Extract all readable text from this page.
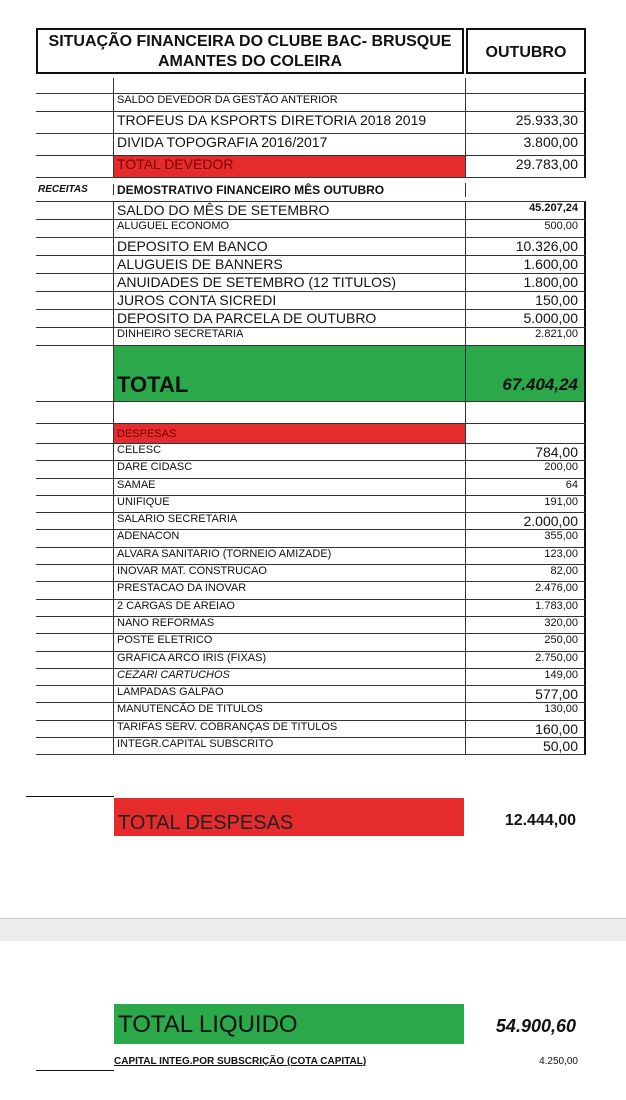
SITUAÇÃO FINANCEIRA DO CLUBE BAC- BRUSQUE
AMANTES DO COLEIRA
OUTUBRO
SALDO DEVEDOR DA GESTÃO ANTERIOR
TROFEUS DA KSPORTS DIRETORIA 2018 2019	25.933,30
DIVIDA TOPOGRAFIA 2016/2017	3.800,00
TOTAL DEVEDOR	29.783,00
RECEITAS	DEMOSTRATIVO FINANCEIRO MÊS OUTUBRO
SALDO DO MÊS DE SETEMBRO	45.207,24
ALUGUEL ECONOMO	500,00
DEPOSITO EM BANCO	10.326,00
ALUGUEIS DE BANNERS	1.600,00
ANUIDADES DE SETEMBRO (12 TITULOS)	1.800,00
JUROS CONTA SICREDI	150,00
DEPOSITO DA PARCELA DE OUTUBRO	5.000,00
DINHEIRO SECRETARIA	2.821,00
TOTAL	67.404,24
DESPESAS
CELESC	784,00
DARE CIDASC	200,00
SAMAE	64
UNIFIQUE	191,00
SALARIO SECRETARIA	2.000,00
ADENACON	355,00
ALVARA SANITARIO (TORNEIO AMIZADE)	123,00
INOVAR MAT. CONSTRUCAO	82,00
PRESTACAO DA INOVAR	2.476,00
2 CARGAS DE AREIAO	1.783,00
NANO REFORMAS	320,00
POSTE ELETRICO	250,00
GRAFICA ARCO IRIS (FIXAS)	2.750,00
CEZARI CARTUCHOS	149,00
LAMPADAS GALPAO	577,00
MANUTENCÃO DE TITULOS	130,00
TARIFAS SERV. COBRANÇAS DE TITULOS	160,00
INTEGR.CAPITAL SUBSCRITO	50,00
TOTAL DESPESAS	12.444,00
TOTAL LIQUIDO	54.900,60
CAPITAL INTEG.POR SUBSCRIÇÃO (COTA CAPITAL)	4.250,00
